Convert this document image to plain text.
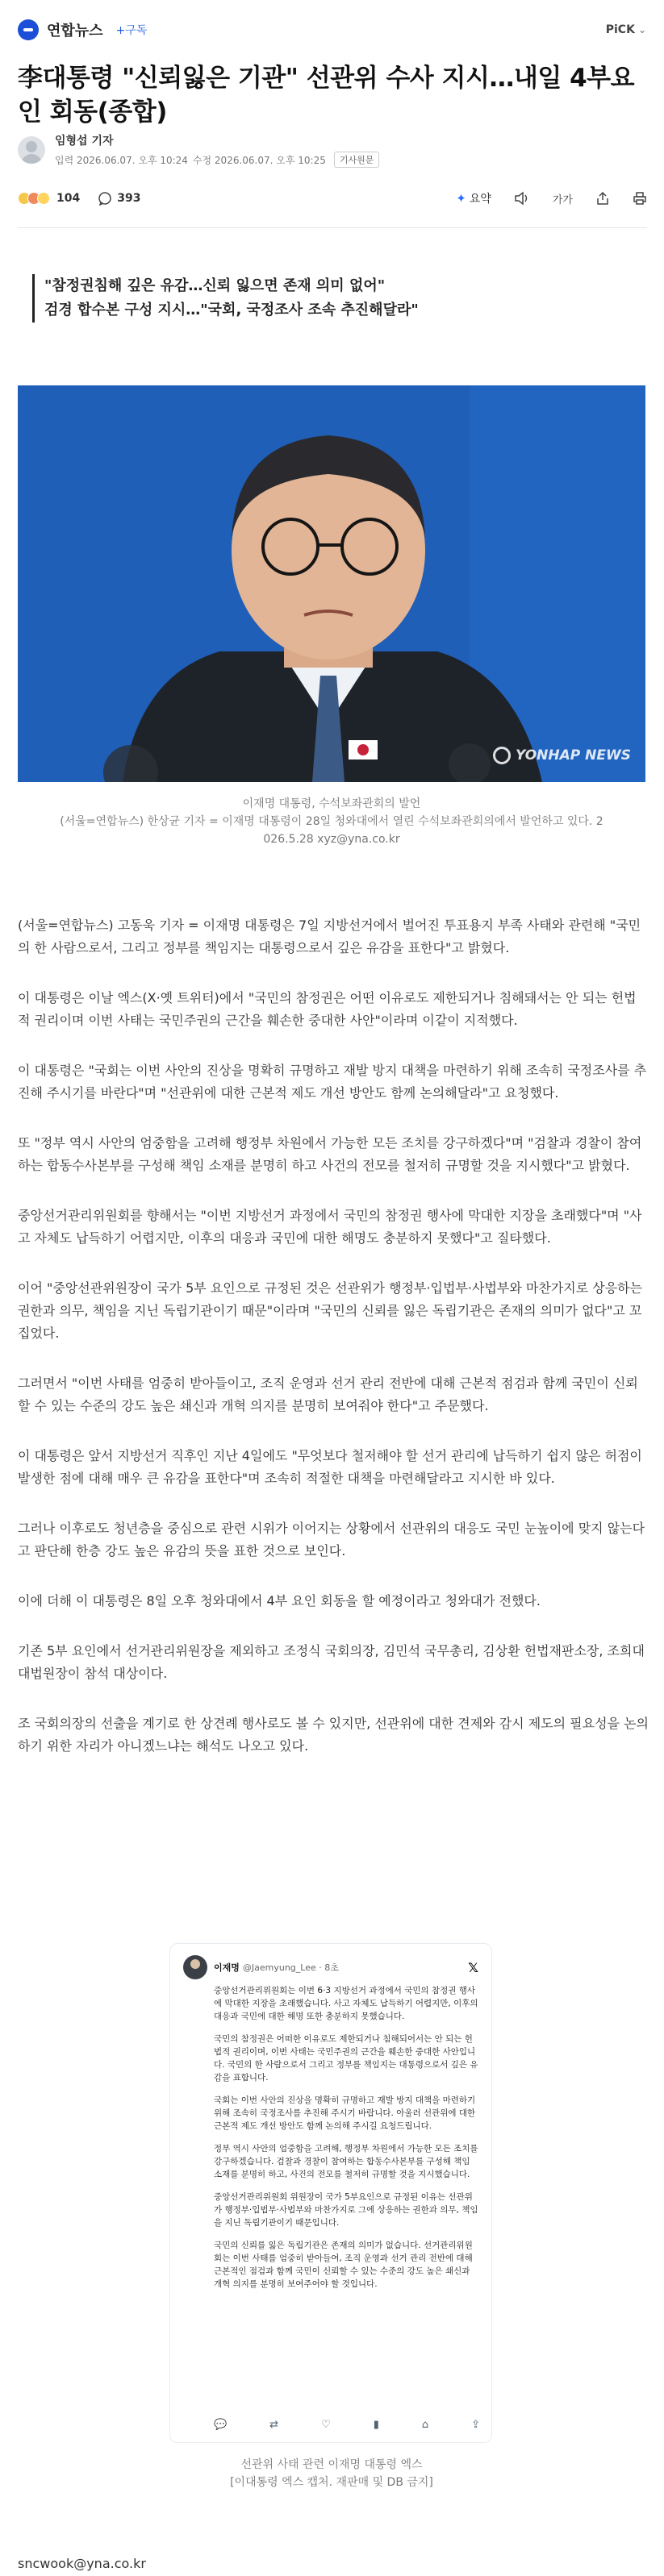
연합뉴스 +구독	PiCK ⌄
李대통령 "신뢰잃은 기관" 선관위 수사 지시…내일 4부요인 회동(종합)
임형섭 기자
입력 2026.06.07. 오후 10:24 수정 2026.06.07. 오후 10:25	기사원문
104	393	✦ 요약	가가

"참정권침해 깊은 유감…신뢰 잃으면 존재 의미 없어"

검경 합수본 구성 지시…"국회, 국정조사 조속 추진해달라"

YONHAP NEWS
이재명 대통령, 수석보좌관회의 발언
(서울=연합뉴스) 한상균 기자 = 이재명 대통령이 28일 청와대에서 열린 수석보좌관회의에서 발언하고 있다. 2
026.5.28 xyz@yna.co.kr

(서울=연합뉴스) 고동욱 기자 = 이재명 대통령은 7일 지방선거에서 벌어진 투표용지 부족 사태와 관련해 "국민의 한 사람으로서, 그리고 정부를 책임지는 대통령으로서 깊은 유감을 표한다"고 밝혔다.

이 대통령은 이날 엑스(X·옛 트위터)에서 "국민의 참정권은 어떤 이유로도 제한되거나 침해돼서는 안 되는 헌법적 권리이며 이번 사태는 국민주권의 근간을 훼손한 중대한 사안"이라며 이같이 지적했다.

이 대통령은 "국회는 이번 사안의 진상을 명확히 규명하고 재발 방지 대책을 마련하기 위해 조속히 국정조사를 추진해 주시기를 바란다"며 "선관위에 대한 근본적 제도 개선 방안도 함께 논의해달라"고 요청했다.

또 "정부 역시 사안의 엄중함을 고려해 행정부 차원에서 가능한 모든 조치를 강구하겠다"며 "검찰과 경찰이 참여하는 합동수사본부를 구성해 책임 소재를 분명히 하고 사건의 전모를 철저히 규명할 것을 지시했다"고 밝혔다.

중앙선거관리위원회를 향해서는 "이번 지방선거 과정에서 국민의 참정권 행사에 막대한 지장을 초래했다"며 "사고 자체도 납득하기 어렵지만, 이후의 대응과 국민에 대한 해명도 충분하지 못했다"고 질타했다.

이어 "중앙선관위원장이 국가 5부 요인으로 규정된 것은 선관위가 행정부·입법부·사법부와 마찬가지로 상응하는 권한과 의무, 책임을 지닌 독립기관이기 때문"이라며 "국민의 신뢰를 잃은 독립기관은 존재의 의미가 없다"고 꼬집었다.

그러면서 "이번 사태를 엄중히 받아들이고, 조직 운영과 선거 관리 전반에 대해 근본적 점검과 함께 국민이 신뢰할 수 있는 수준의 강도 높은 쇄신과 개혁 의지를 분명히 보여줘야 한다"고 주문했다.

이 대통령은 앞서 지방선거 직후인 지난 4일에도 "무엇보다 철저해야 할 선거 관리에 납득하기 쉽지 않은 허점이 발생한 점에 대해 매우 큰 유감을 표한다"며 조속히 적절한 대책을 마련해달라고 지시한 바 있다.

그러나 이후로도 청년층을 중심으로 관련 시위가 이어지는 상황에서 선관위의 대응도 국민 눈높이에 맞지 않는다고 판단해 한층 강도 높은 유감의 뜻을 표한 것으로 보인다.

이에 더해 이 대통령은 8일 오후 청와대에서 4부 요인 회동을 할 예정이라고 청와대가 전했다.

기존 5부 요인에서 선거관리위원장을 제외하고 조정식 국회의장, 김민석 국무총리, 김상환 헌법재판소장, 조희대 대법원장이 참석 대상이다.

조 국회의장의 선출을 계기로 한 상견례 행사로도 볼 수 있지만, 선관위에 대한 견제와 감시 제도의 필요성을 논의하기 위한 자리가 아니겠느냐는 해석도 나오고 있다.

이재명 @Jaemyung_Lee · 8초	𝕏

중앙선거관리위원회는 이번 6·3 지방선거 과정에서 국민의 참정권 행사에 막대한 지장을 초래했습니다. 사고 자체도 납득하기 어렵지만, 이후의 대응과 국민에 대한 해명 또한 충분하지 못했습니다.

국민의 참정권은 어떠한 이유로도 제한되거나 침해되어서는 안 되는 헌법적 권리이며, 이번 사태는 국민주권의 근간을 훼손한 중대한 사안입니다. 국민의 한 사람으로서 그리고 정부를 책임지는 대통령으로서 깊은 유감을 표합니다.

국회는 이번 사안의 진상을 명확히 규명하고 재발 방지 대책을 마련하기 위해 조속히 국정조사를 추진해 주시기 바랍니다. 아울러 선관위에 대한 근본적 제도 개선 방안도 함께 논의해 주시길 요청드립니다.

정부 역시 사안의 엄중함을 고려해, 행정부 차원에서 가능한 모든 조치를 강구하겠습니다. 검찰과 경찰이 참여하는 합동수사본부를 구성해 책임 소재를 분명히 하고, 사건의 전모를 철저히 규명할 것을 지시했습니다.

중앙선거관리위원회 위원장이 국가 5부요인으로 규정된 이유는 선관위가 행정부·입법부·사법부와 마찬가지로 그에 상응하는 권한과 의무, 책임을 지닌 독립기관이기 때문입니다.

국민의 신뢰를 잃은 독립기관은 존재의 의미가 없습니다. 선거관리위원회는 이번 사태를 엄중히 받아들여, 조직 운영과 선거 관리 전반에 대해 근본적인 점검과 함께 국민이 신뢰할 수 있는 수준의 강도 높은 쇄신과 개혁 의지를 분명히 보여주어야 할 것입니다.

💬	⇄	♡	▮	⌂	⇪
선관위 사태 관련 이재명 대통령 엑스
[이대통령 엑스 캡처. 재판매 및 DB 금지]
sncwook@yna.co.kr
